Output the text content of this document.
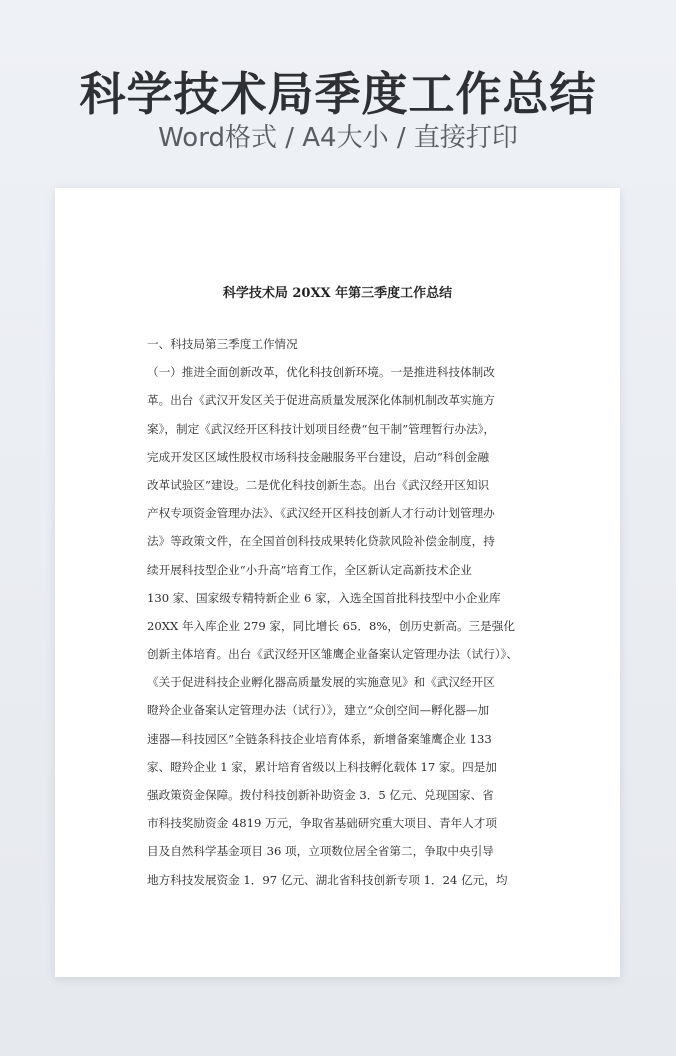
科学技术局季度工作总结
Word格式 / A4大小 / 直接打印
科学技术局 20XX 年第三季度工作总结
一、科技局第三季度工作情况
（一）推进全面创新改革，优化科技创新环境。一是推进科技体制改
革。出台《武汉开发区关于促进高质量发展深化体制机制改革实施方
案》，制定《武汉经开区科技计划项目经费“包干制”管理暂行办法》，
完成开发区区域性股权市场科技金融服务平台建设，启动“科创金融
改革试验区”建设。二是优化科技创新生态。出台《武汉经开区知识
产权专项资金管理办法》、《武汉经开区科技创新人才行动计划管理办
法》等政策文件，在全国首创科技成果转化贷款风险补偿金制度，持
续开展科技型企业“小升高”培育工作，全区新认定高新技术企业
130 家、国家级专精特新企业 6 家，入选全国首批科技型中小企业库
20XX 年入库企业 279 家，同比增长 65．8%，创历史新高。三是强化
创新主体培育。出台《武汉经开区雏鹰企业备案认定管理办法（试行）》、
《关于促进科技企业孵化器高质量发展的实施意见》和《武汉经开区
瞪羚企业备案认定管理办法（试行）》，建立“众创空间—孵化器—加
速器—科技园区”全链条科技企业培育体系，新增备案雏鹰企业 133
家、瞪羚企业 1 家，累计培育省级以上科技孵化载体 17 家。四是加
强政策资金保障。拨付科技创新补助资金 3．5 亿元、兑现国家、省
市科技奖励资金 4819 万元，争取省基础研究重大项目、青年人才项
目及自然科学基金项目 36 项，立项数位居全省第二，争取中央引导
地方科技发展资金 1．97 亿元、湖北省科技创新专项 1．24 亿元，均
